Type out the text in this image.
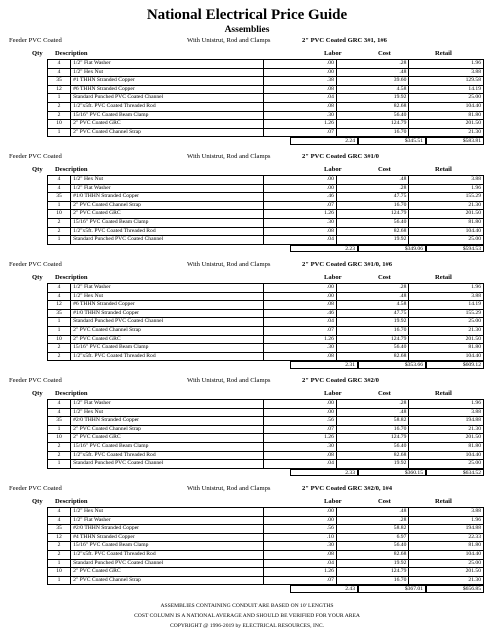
National Electrical Price Guide
Assemblies
Feeder PVC Coated	With Unistrut, Rod and Clamps	2" PVC Coated GRC 3#1, 1#6
Qty Description	Labor	Cost	Retail
4	1/2" Flat Washer	.00	.28	1.96
4	1/2" Hex Nut	.00	.48	3.88
35	#1 THHN Stranded Copper	.38	39.60	129.58
12	#6 THHN Stranded Copper	.08	4.58	14.19
1	Standard Punched PVC Coated Channel	.04	19.92	25.00
2	1/2"x5ft. PVC Coated Threaded Rod	.08	82.68	104.40
2	15/16" PVC Coated Beam Clamp	.30	56.40	81.80
10	2" PVC Coated GRC	1.26	124.79	201.50
1	2" PVC Coated Channel Strap	.07	16.70	21.30
2.24	$345.51	$583.81
Feeder PVC Coated	With Unistrut, Rod and Clamps	2" PVC Coated GRC 3#1/0
Qty Description	Labor	Cost	Retail
4	1/2" Hex Nut	.00	.48	3.88
4	1/2" Flat Washer	.00	.28	1.96
35	#1/0 THHN Stranded Copper	.46	47.75	155.29
1	2" PVC Coated Channel Strap	.07	16.70	21.30
10	2" PVC Coated GRC	1.26	124.79	201.50
2	15/16" PVC Coated Beam Clamp	.30	56.40	81.80
2	1/2"x5ft. PVC Coated Threaded Rod	.08	82.68	104.40
1	Standard Punched PVC Coated Channel	.04	19.92	25.00
2.23	$349.06	$594.53
Feeder PVC Coated	With Unistrut, Rod and Clamps	2" PVC Coated GRC 3#1/0, 1#6
Qty Description	Labor	Cost	Retail
4	1/2" Flat Washer	.00	.28	1.96
4	1/2" Hex Nut	.00	.48	3.88
12	#6 THHN Stranded Copper	.08	4.58	14.19
35	#1/0 THHN Stranded Copper	.46	47.75	155.29
1	Standard Punched PVC Coated Channel	.04	19.92	25.00
1	2" PVC Coated Channel Strap	.07	16.70	21.30
10	2" PVC Coated GRC	1.26	124.79	201.50
2	15/16" PVC Coated Beam Clamp	.30	56.40	81.80
2	1/2"x5ft. PVC Coated Threaded Rod	.08	82.68	104.40
2.31	$353.66	$609.12
Feeder PVC Coated	With Unistrut, Rod and Clamps	2" PVC Coated GRC 3#2/0
Qty Description	Labor	Cost	Retail
4	1/2" Flat Washer	.00	.28	1.96
4	1/2" Hex Nut	.00	.48	3.88
35	#2/0 THHN Stranded Copper	.56	58.82	194.88
1	2" PVC Coated Channel Strap	.07	16.70	21.30
10	2" PVC Coated GRC	1.26	124.79	201.50
2	15/16" PVC Coated Beam Clamp	.30	56.40	81.80
2	1/2"x5ft. PVC Coated Threaded Rod	.08	82.68	104.40
1	Standard Punched PVC Coated Channel	.04	19.92	25.00
2.33	$360.15	$634.52
Feeder PVC Coated	With Unistrut, Rod and Clamps	2" PVC Coated GRC 3#2/0, 1#4
Qty Description	Labor	Cost	Retail
4	1/2" Hex Nut	.00	.48	3.88
4	1/2" Flat Washer	.00	.28	1.96
35	#2/0 THHN Stranded Copper	.56	58.82	194.88
12	#4 THHN Stranded Copper	.10	6.97	22.33
2	15/16" PVC Coated Beam Clamp	.30	56.40	81.80
2	1/2"x5ft. PVC Coated Threaded Rod	.08	82.68	104.40
1	Standard Punched PVC Coated Channel	.04	19.92	25.00
10	2" PVC Coated GRC	1.26	124.79	201.50
1	2" PVC Coated Channel Strap	.07	16.70	21.30
2.43	$367.01	$656.85
ASSEMBLIES CONTAINING CONDUIT ARE BASED ON 10' LENGTHS
COST COLUMN IS A NATIONAL AVERAGE AND SHOULD BE VERIFIED FOR YOUR AREA
COPYRIGHT @ 1996-2019 by ELECTRICAL RESOURCES, INC.
